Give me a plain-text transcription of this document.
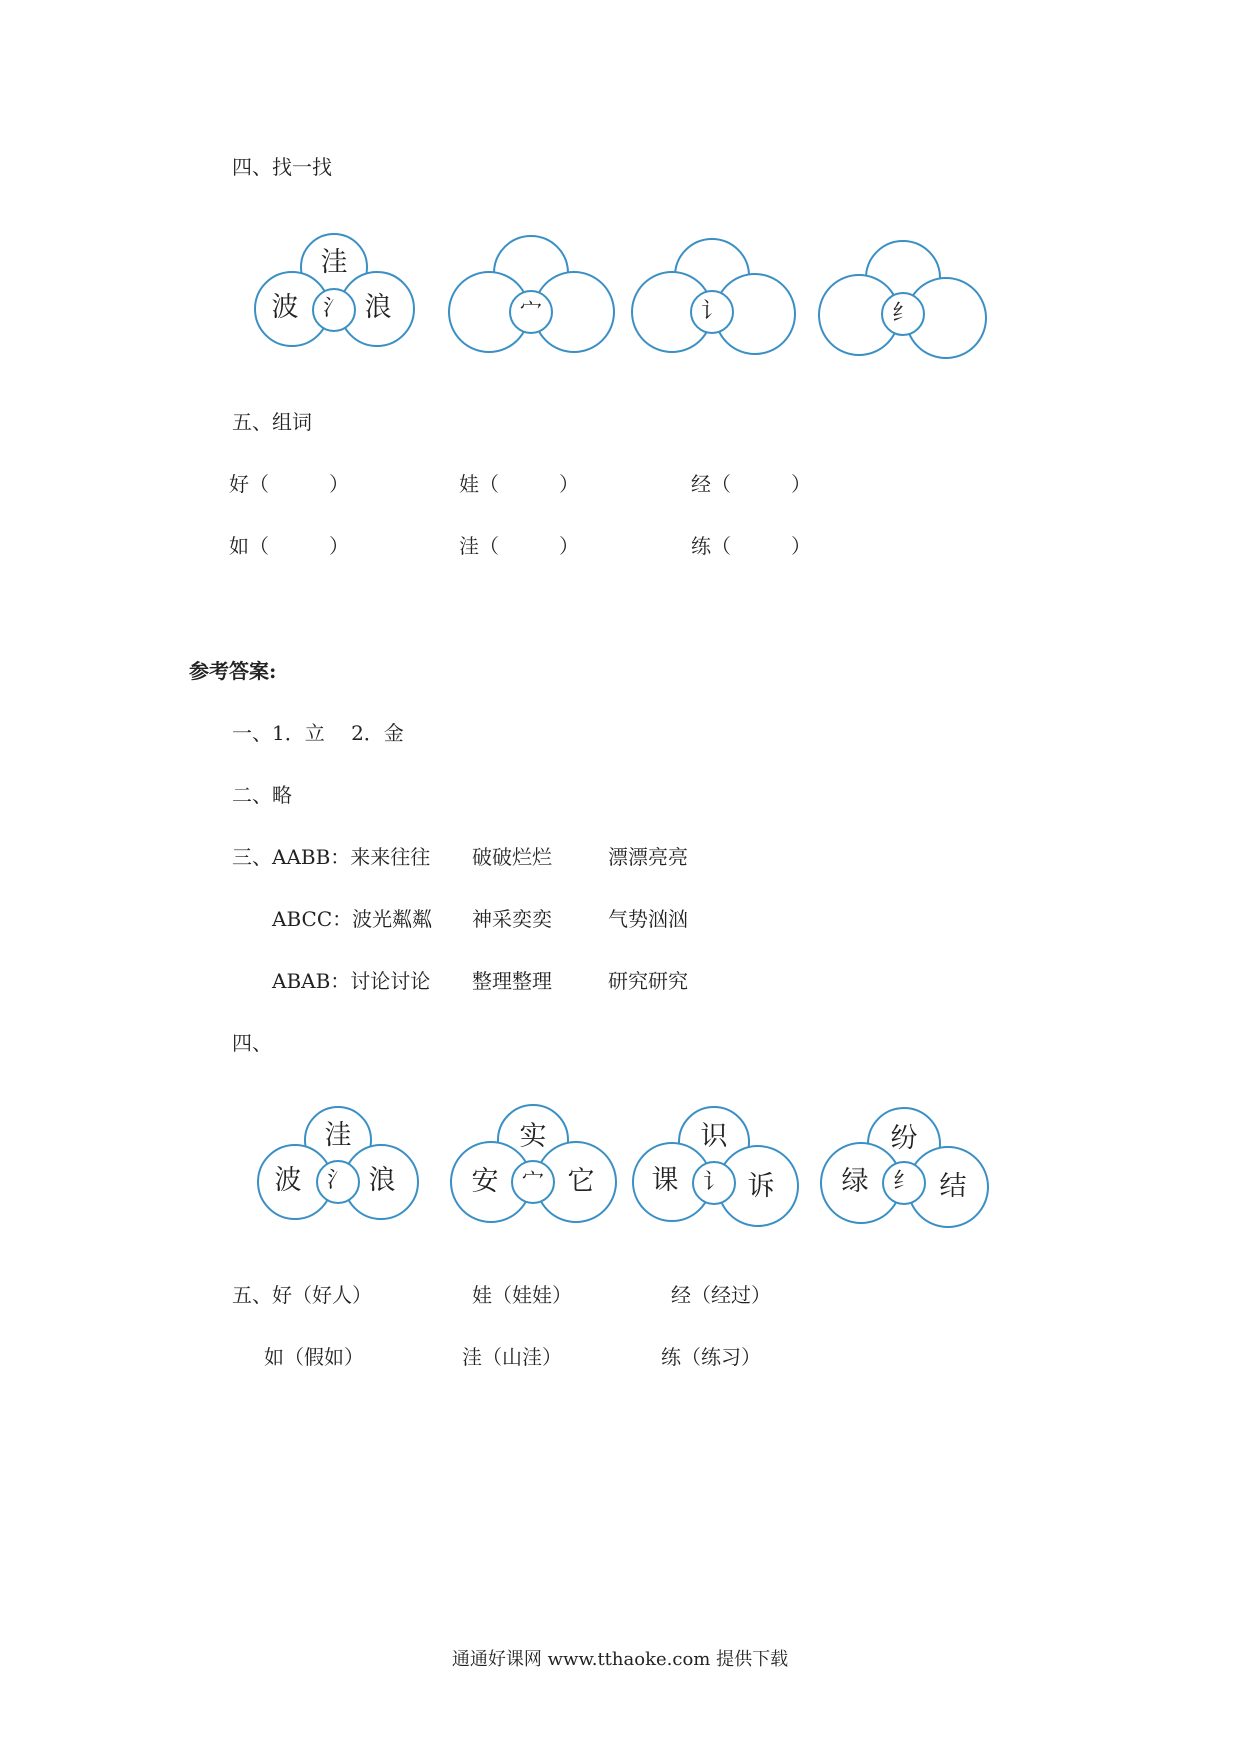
四、找一找
洼
波 氵 浪	宀	讠	纟
五、组词
好（　　　）	娃（　　　）	经（　　　）
如（　　　）	洼（　　　）	练（　　　）
参考答案:
一、1．立　 2．金
二、略
三、AABB：来来往往 破破烂烂	漂漂亮亮
ABCC：波光粼粼 神采奕奕	气势汹汹
ABAB：讨论讨论 整理整理	研究研究
四、
洼
波 氵 浪
实
安 宀 它
识
课 讠 诉
纷
绿 纟 结
五、好（好人）	娃（娃娃）	经（经过）
如（假如）	洼（山洼）	练（练习）
通通好课网 www.tthaoke.com 提供下载
